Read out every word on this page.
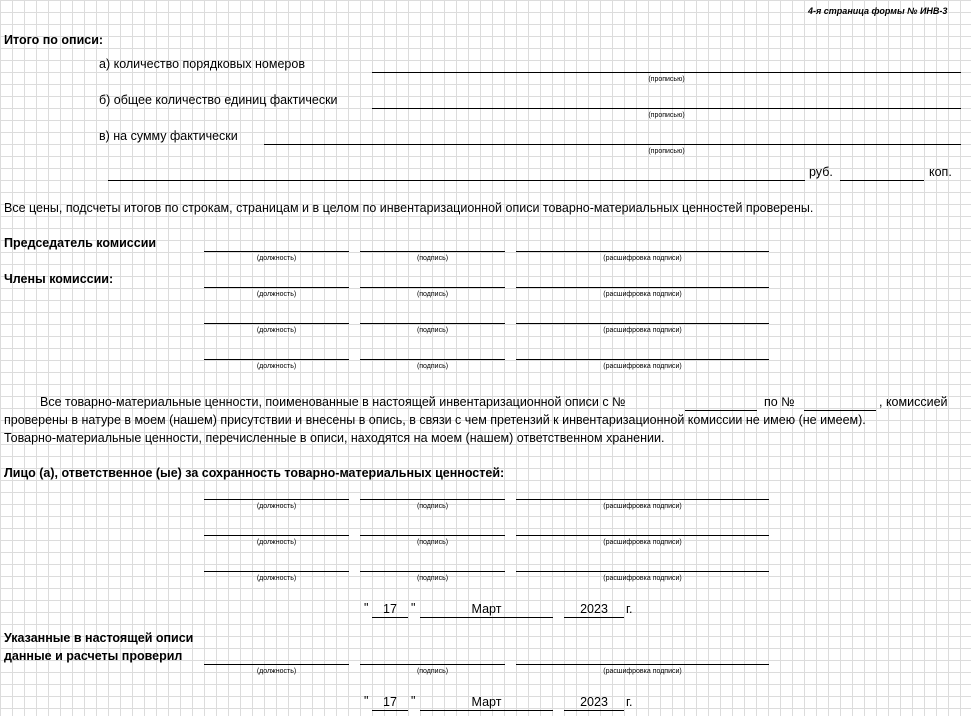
4-я страница формы № ИНВ-3
Итого по описи:
а) количество порядковых номеров
(прописью)
б) общее количество единиц фактически
(прописью)
в) на сумму фактически
(прописью)
руб.	коп.
Все цены, подсчеты итогов по строкам, страницам и в целом по инвентаризационной описи товарно-материальных ценностей проверены.
Председатель комиссии
Члены комиссии:
(должность)	(подпись)	(расшифровка подписи)
(должность)	(подпись)	(расшифровка подписи)
(должность)	(подпись)	(расшифровка подписи)
(должность)	(подпись)	(расшифровка подписи)
Все товарно-материальные ценности, поименованные в настоящей инвентаризационной описи с №	по №	, комиссией
проверены в натуре в моем (нашем) присутствии и внесены в опись, в связи с чем претензий к инвентаризационной комиссии не имею (не имеем).
Товарно-материальные ценности, перечисленные в описи, находятся на моем (нашем) ответственном хранении.
Лицо (а), ответственное (ые) за сохранность товарно-материальных ценностей:
(должность)	(подпись)	(расшифровка подписи)
(должность)	(подпись)	(расшифровка подписи)
(должность)	(подпись)	(расшифровка подписи)
"	17	"	Март	2023	г.
Указанные в настоящей описи
данные и расчеты проверил
(должность)	(подпись)	(расшифровка подписи)
"	17	"	Март	2023	г.
